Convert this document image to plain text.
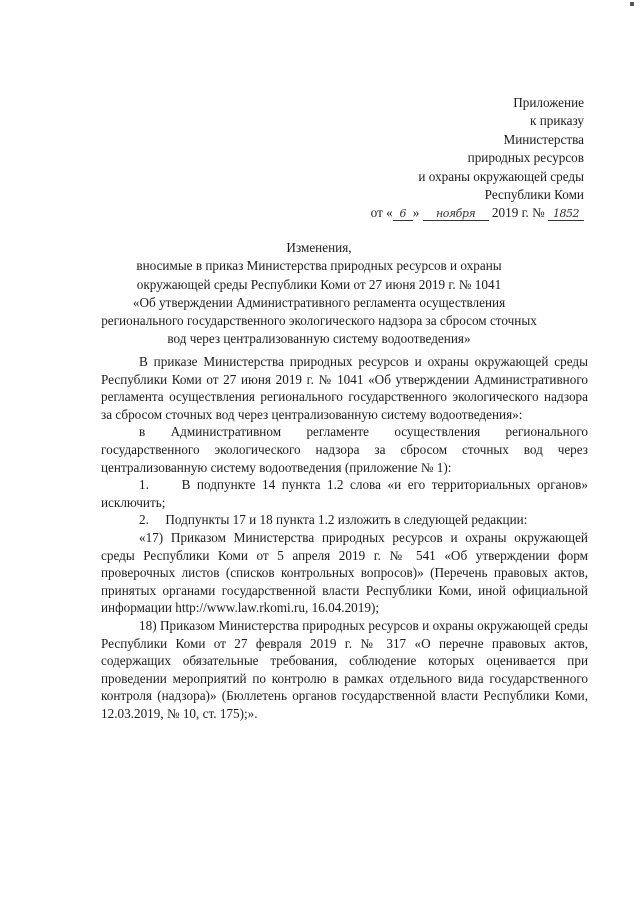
Приложение
к приказу
Министерства
природных ресурсов
и охраны окружающей среды
Республики Коми
от « 6 » ноября 2019 г. № 1852
Изменения,
вносимые в приказ Министерства природных ресурсов и охраны
окружающей среды Республики Коми от 27 июня 2019 г. № 1041
«Об утверждении Административного регламента осуществления
регионального государственного экологического надзора за сбросом сточных
вод через централизованную систему водоотведения»

В приказе Министерства природных ресурсов и охраны окружающей среды Республики Коми от 27 июня 2019 г. № 1041 «Об утверждении Административного регламента осуществления регионального государственного экологического надзора за сбросом сточных вод через централизованную систему водоотведения»:

в Административном регламенте осуществления регионального государственного экологического надзора за сбросом сточных вод через централизованную систему водоотведения (приложение № 1):

1.     В подпункте 14 пункта 1.2 слова «и его территориальных органов» исключить;

2.     Подпункты 17 и 18 пункта 1.2 изложить в следующей редакции:

«17) Приказом Министерства природных ресурсов и охраны окружающей среды Республики Коми от 5 апреля 2019 г. № 541 «Об утверждении форм проверочных листов (списков контрольных вопросов)» (Перечень правовых актов, принятых органами государственной власти Республики Коми, иной официальной информации http://www.law.rkomi.ru, 16.04.2019);

18) Приказом Министерства природных ресурсов и охраны окружающей среды Республики Коми от 27 февраля 2019 г. № 317 «О перечне правовых актов, содержащих обязательные требования, соблюдение которых оценивается при проведении мероприятий по контролю в рамках отдельного вида государственного контроля (надзора)» (Бюллетень органов государственной власти Республики Коми, 12.03.2019, № 10, ст. 175);».
